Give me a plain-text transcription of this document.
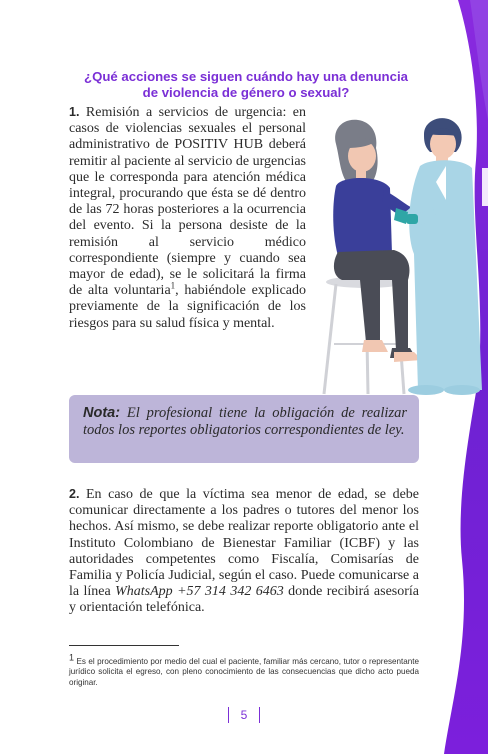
¿Qué acciones se siguen cuándo hay una denuncia de violencia de género o sexual?

1. Remisión a servicios de urgencia: en casos de violencias sexuales el personal administrativo de POSITIV HUB deberá remitir al paciente al servicio de urgencias que le corresponda para atención médica integral, procurando que ésta se dé dentro de las 72 horas posteriores a la ocurrencia del evento. Si la persona desiste de la remisión al servicio médico correspondiente (siempre y cuando sea mayor de edad), se le solicitará la firma de alta voluntaria$^1$, habiéndole explicado previamente de la significación de los riesgos para su salud física y mental.

Nota: El profesional tiene la obligación de realizar todos los reportes obligatorios correspondientes de ley.

2. En caso de que la víctima sea menor de edad, se debe comunicar directamente a los padres o tutores del menor los hechos. Así mismo, se debe realizar reporte obligatorio ante el Instituto Colombiano de Bienestar Familiar (ICBF) y las autoridades competentes como Fiscalía, Comisarías de Familia y Policía Judicial, según el caso. Puede comunicarse a la línea WhatsApp +57 314 342 6463 donde recibirá asesoría y orientación telefónica.

1 Es el procedimiento por medio del cual el paciente, familiar más cercano, tutor o representante jurídico solicita el egreso, con pleno conocimiento de las consecuencias que dicho acto pueda originar.

5
